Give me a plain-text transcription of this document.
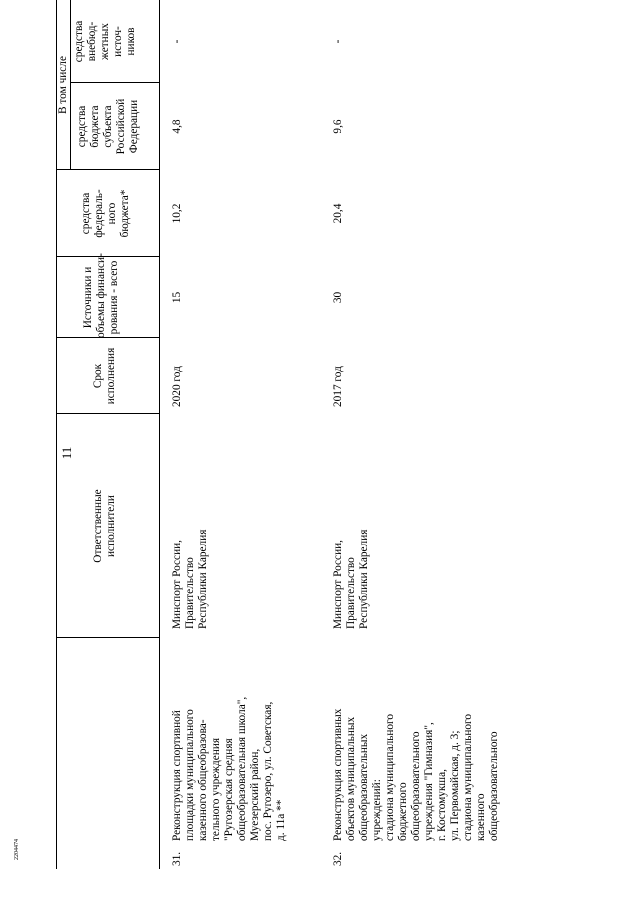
11
2204474
Ответственные исполнители
Срок исполнения
Источники и объемы финанси- рования - всего
В том числе
средства федераль- ного бюджета*
средства бюджета субъекта Российской Федерации
средства внебюд- жетных источ- ников
31.
Реконструкция спортивной площадки муниципального казенного общеобразова- тельного учреждения "Ругозерская средняя общеобразовательная школа", Муезерский район, пос. Ругозеро, ул. Советская, д. 11а **
Минспорт России, Правительство Республики Карелия
2020 год
15
10,2
4,8
-
32.
Реконструкция спортивных объектов муниципальных общеобразовательных учреждений: стадиона муниципального бюджетного общеобразовательного учреждения "Гимназия", г. Костомукша, ул. Первомайская, д. 3; стадиона муниципального казенного общеобразовательного
Минспорт России, Правительство Республики Карелия
2017 год
30
20,4
9,6
-
